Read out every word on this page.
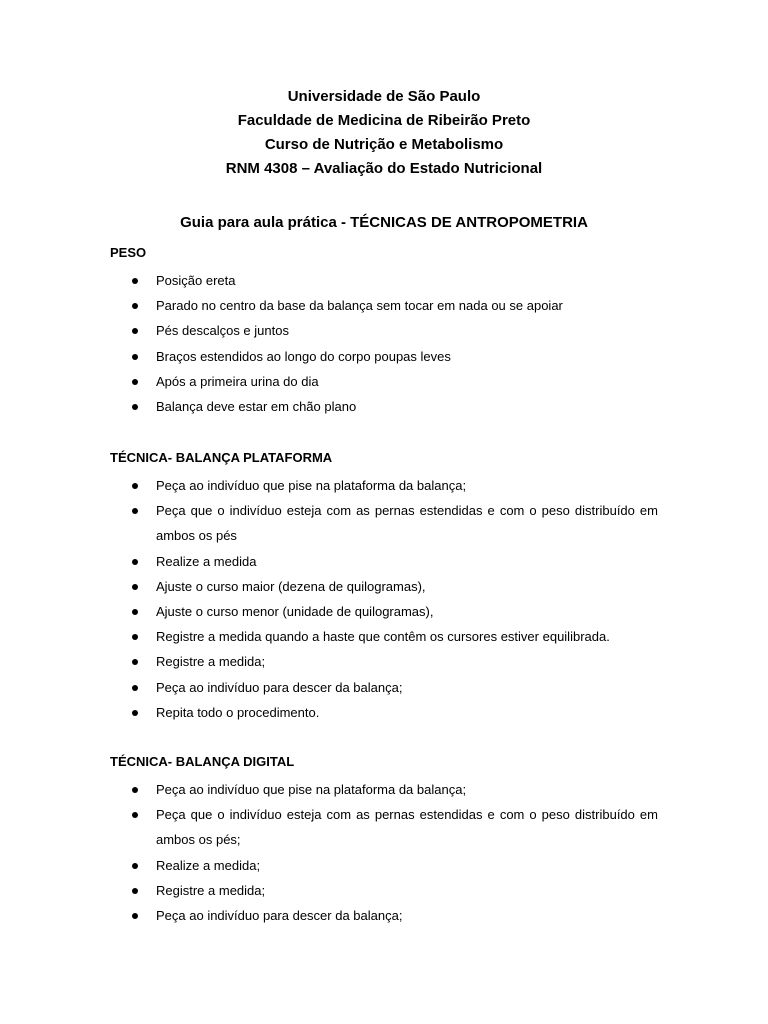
Universidade de São Paulo
Faculdade de Medicina de Ribeirão Preto
Curso de Nutrição e Metabolismo
RNM 4308 – Avaliação do Estado Nutricional
Guia para aula prática - TÉCNICAS DE ANTROPOMETRIA
PESO
Posição ereta
Parado no centro da base da balança sem tocar em nada ou se apoiar
Pés descalços e juntos
Braços estendidos ao longo do corpo poupas leves
Após a primeira urina do dia
Balança deve estar em chão plano
TÉCNICA- BALANÇA PLATAFORMA
Peça ao indivíduo que pise na plataforma da balança;
Peça que o indivíduo esteja com as pernas estendidas e com o peso distribuído em ambos os pés
Realize a medida
Ajuste o curso maior (dezena de quilogramas),
Ajuste o curso menor (unidade de quilogramas),
Registre a medida quando a haste que contêm os cursores estiver equilibrada.
Registre a medida;
Peça ao indivíduo para descer da balança;
Repita todo o procedimento.
TÉCNICA- BALANÇA DIGITAL
Peça ao indivíduo que pise na plataforma da balança;
Peça que o indivíduo esteja com as pernas estendidas e com o peso distribuído em ambos os pés;
Realize a medida;
Registre a medida;
Peça ao indivíduo para descer da balança;
